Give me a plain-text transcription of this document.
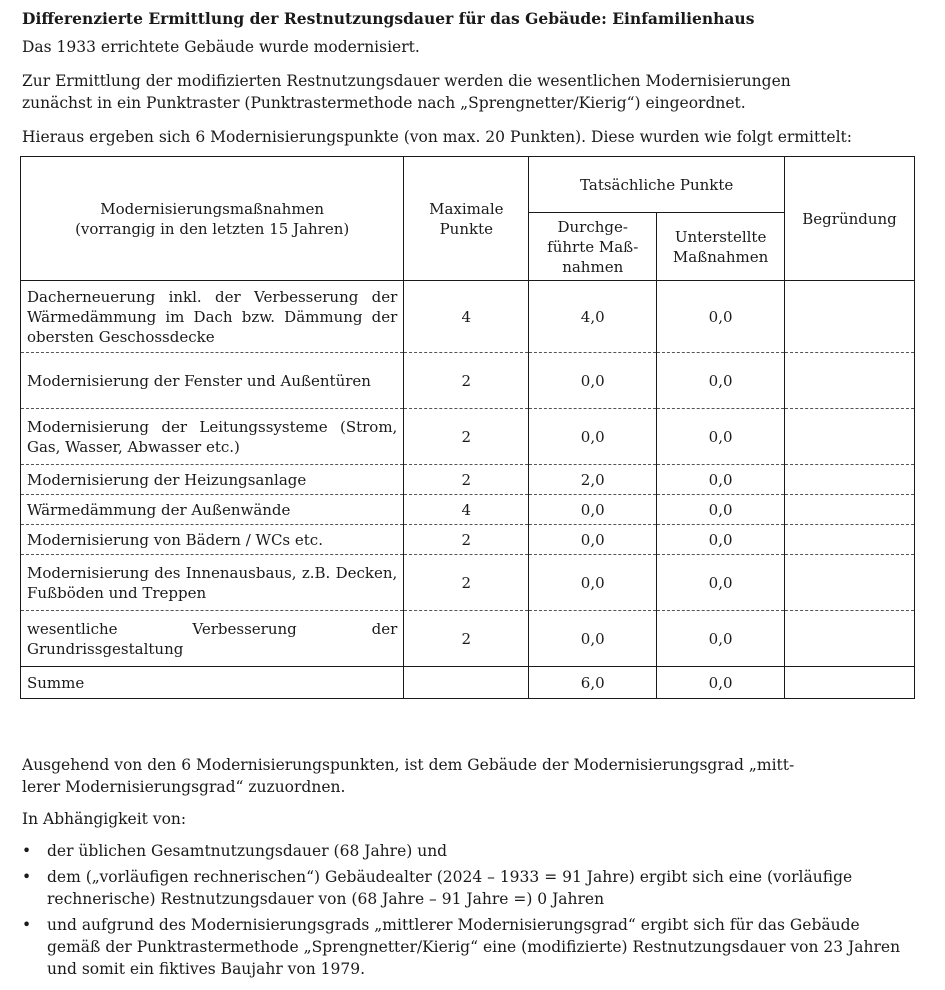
Differenzierte Ermittlung der Restnutzungsdauer für das Gebäude: Einfamilienhaus
Das 1933 errichtete Gebäude wurde modernisiert.
Zur Ermittlung der modifizierten Restnutzungsdauer werden die wesentlichen Modernisierungen
zunächst in ein Punktraster (Punktrastermethode nach „Sprengnetter/Kierig“) eingeordnet.
Hieraus ergeben sich 6 Modernisierungspunkte (von max. 20 Punkten). Diese wurden wie folgt ermittelt:
Modernisierungsmaßnahmen
(vorrangig in den letzten 15 Jahren)	Maximale Punkte	Tatsächliche Punkte		Begründung

		Durchge-führte Maß-nahmen	Unterstellte Maßnahmen	
Dacherneuerung inkl. der Verbesserung der Wärmedämmung im Dach bzw. Dämmung der obersten Geschossdecke	4	4,0	0,0	
Modernisierung der Fenster und Außentüren	2	0,0	0,0	
Modernisierung der Leitungssysteme (Strom, Gas, Wasser, Abwasser etc.)	2	0,0	0,0	
Modernisierung der Heizungsanlage	2	2,0	0,0	
Wärmedämmung der Außenwände	4	0,0	0,0	
Modernisierung von Bädern / WCs etc.	2	0,0	0,0	
Modernisierung des Innenausbaus, z.B. Decken, Fußböden und Treppen	2	0,0	0,0	
wesentliche Verbesserung der Grundrissgestaltung	2	0,0	0,0	
Summe		6,0	0,0	
Ausgehend von den 6 Modernisierungspunkten, ist dem Gebäude der Modernisierungsgrad „mitt-
lerer Modernisierungsgrad“ zuzuordnen.
In Abhängigkeit von:
• der üblichen Gesamtnutzungsdauer (68 Jahre) und
• dem („vorläufigen rechnerischen“) Gebäudealter (2024 – 1933 = 91 Jahre) ergibt sich eine (vorläufige rechnerische) Restnutzungsdauer von (68 Jahre – 91 Jahre =) 0 Jahren
• und aufgrund des Modernisierungsgrads „mittlerer Modernisierungsgrad“ ergibt sich für das Gebäude gemäß der Punktrastermethode „Sprengnetter/Kierig“ eine (modifizierte) Restnutzungsdauer von 23 Jahren und somit ein fiktives Baujahr von 1979.
